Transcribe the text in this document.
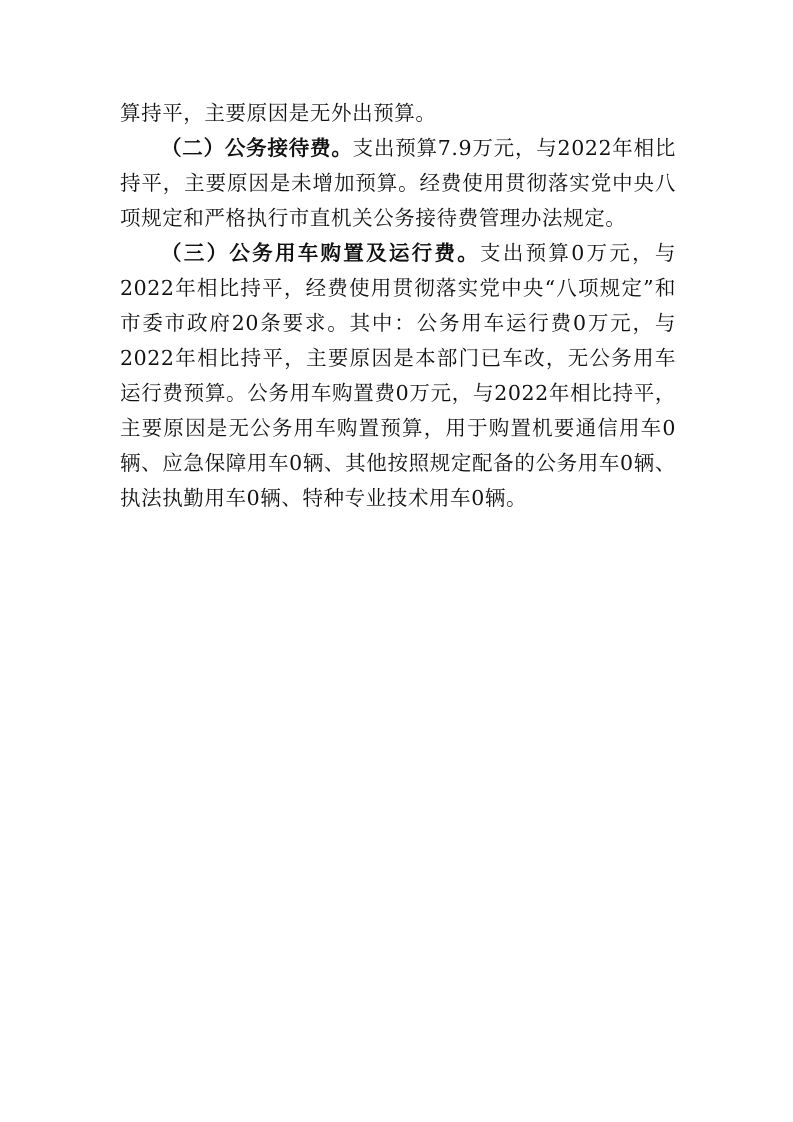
算持平，主要原因是无外出预算。

（二）公务接待费。支出预算7.9万元，与2022年相比持平，主要原因是未增加预算。经费使用贯彻落实党中央八项规定和严格执行市直机关公务接待费管理办法规定。

（三）公务用车购置及运行费。支出预算0万元，与2022年相比持平，经费使用贯彻落实党中央“八项规定”和市委市政府20条要求。其中：公务用车运行费0万元，与2022年相比持平，主要原因是本部门已车改，无公务用车运行费预算。公务用车购置费0万元，与2022年相比持平，主要原因是无公务用车购置预算，用于购置机要通信用车0辆、应急保障用车0辆、其他按照规定配备的公务用车0辆、执法执勤用车0辆、特种专业技术用车0辆。
